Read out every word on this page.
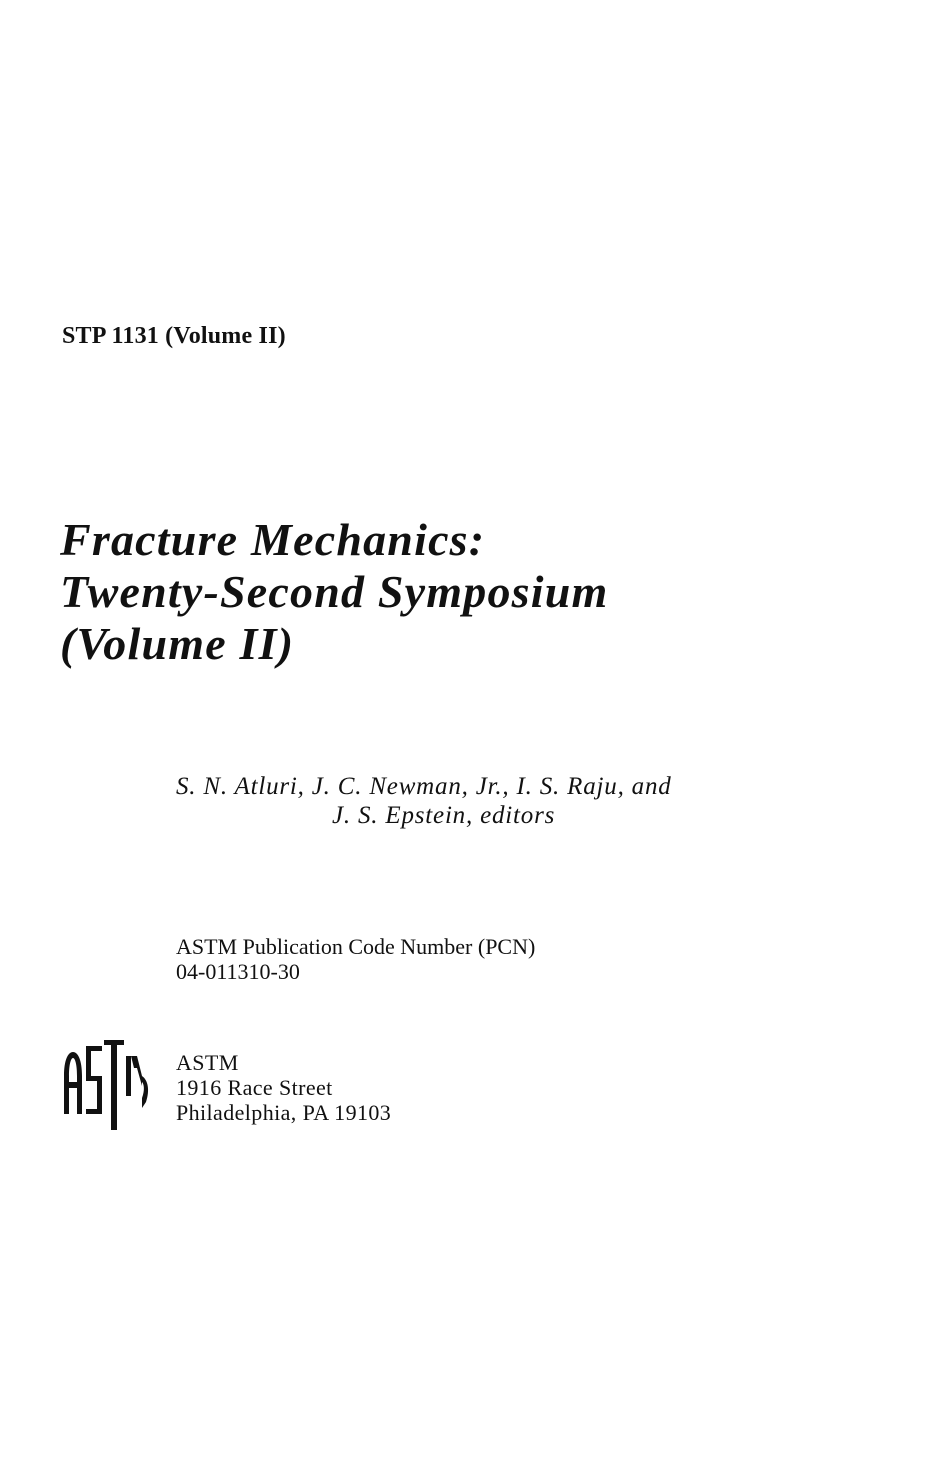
STP 1131 (Volume II)
Fracture Mechanics:
Twenty-Second Symposium
(Volume II)
S. N. Atluri, J. C. Newman, Jr., I. S. Raju, and
J. S. Epstein, editors
ASTM Publication Code Number (PCN)
04-011310-30
ASTM
1916 Race Street
Philadelphia, PA 19103
